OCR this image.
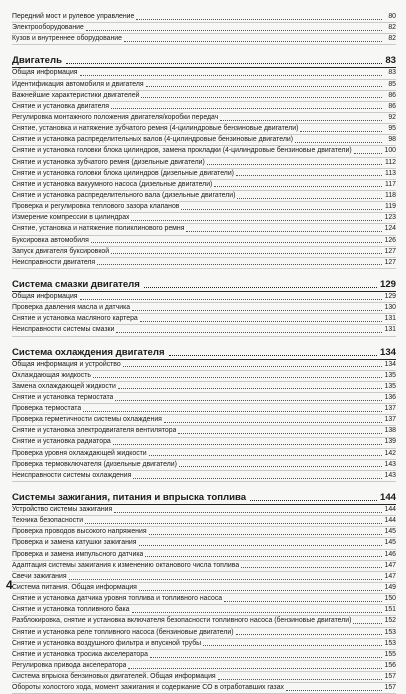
Передний мост и рулевое управление	80
Электрооборудование	82
Кузов и внутреннее оборудование	82
Двигатель	83
Общая информация	83
Идентификация автомобиля и двигателя	85
Важнейшие характеристики двигателей	86
Снятие и установка двигателя	86
Регулировка монтажного положения двигателя/коробки передач	92
Снятие, установка и натяжение зубчатого ремня (4-цилиндровые бензиновые двигатели)	95
Снятие и установка распределительных валов (4-цилиндровые бензиновые двигатели)	98
Снятие и установка головки блока цилиндров, замена прокладки (4-цилиндровые бензиновые двигатели)	100
Снятие и установка зубчатого ремня (дизельные двигатели)	112
Снятие и установка головки блока цилиндров (дизельные двигатели)	113
Снятие и установка вакуумного насоса (дизельные двигатели)	117
Снятие и установка распределительного вала (дизельные двигатели)	118
Проверка и регулировка теплового зазора клапанов	119
Измерение компрессии в цилиндрах	123
Снятие, установка и натяжение поликлинового ремня	124
Буксировка автомобиля	126
Запуск двигателя буксировкой	127
Неисправности двигателя	127
Система смазки двигателя	129
Общая информация	129
Проверка давления масла и датчика	130
Снятие и установка масляного картера	131
Неисправности системы смазки	131
Система охлаждения двигателя	134
Общая информация и устройство	134
Охлаждающая жидкость	135
Замена охлаждающей жидкости	135
Снятие и установка термостата	136
Проверка термостата	137
Проверка герметичности системы охлаждения	137
Снятие и установка электродвигателя вентилятора	138
Снятие и установка радиатора	139
Проверка уровня охлаждающей жидкости	142
Проверка термовключателя (дизельные двигатели)	143
Неисправности системы охлаждения	143
Системы зажигания, питания и впрыска топлива	144
Устройство системы зажигания	144
Техника безопасности	144
Проверка проводов высокого напряжения	145
Проверка и замена катушки зажигания	145
Проверка и замена импульсного датчика	146
Адаптация системы зажигания к изменению октанового числа топлива	147
Свечи зажигания	147
Система питания. Общая информация	149
Снятие и установка датчика уровня топлива и топливного насоса	150
Снятие и установка топливного бака	151
Разблокировка, снятие и установка включателя безопасности топливного насоса (бензиновые двигатели)	152
Снятие и установка реле топливного насоса (бензиновые двигатели)	153
Снятие и установка воздушного фильтра и впускной трубы	153
Снятие и установка тросика акселератора	155
Регулировка привода акселератора	156
Система впрыска бензиновых двигателей. Общая информация	157
Обороты холостого хода, момент зажигания и содержание СО в отработавших газах	157
4
